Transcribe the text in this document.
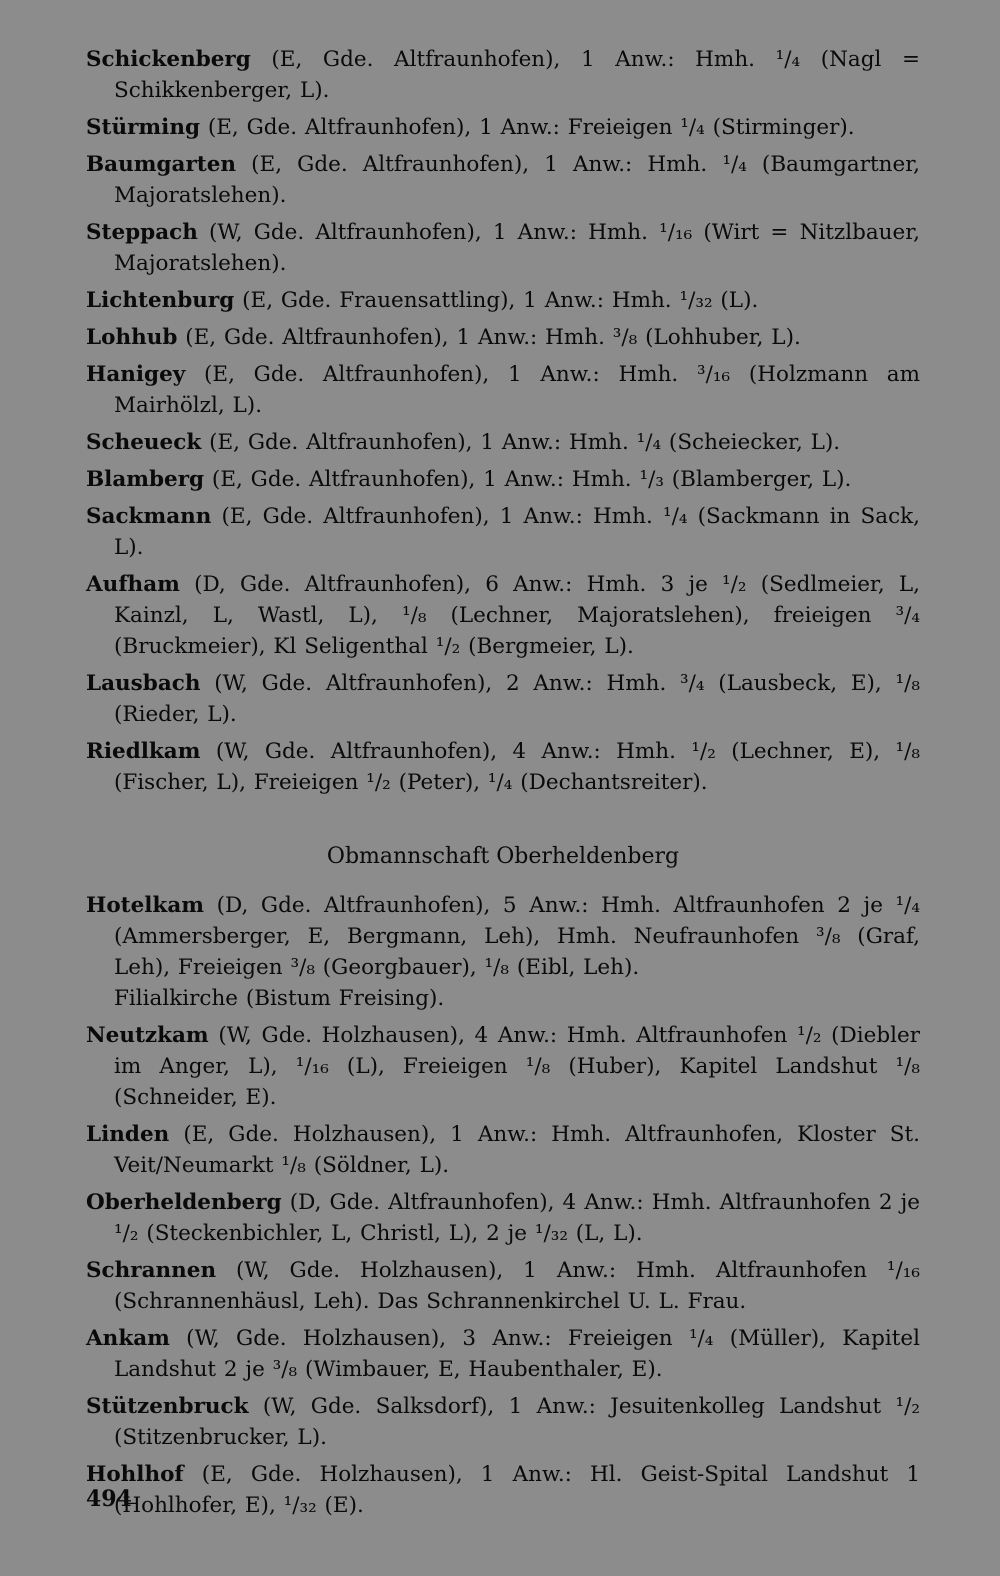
Schickenberg (E, Gde. Altfraunhofen), 1 Anw.: Hmh. ¹/₄ (Nagl = Schikkenberger, L).

Stürming (E, Gde. Altfraunhofen), 1 Anw.: Freieigen ¹/₄ (Stirminger).

Baumgarten (E, Gde. Altfraunhofen), 1 Anw.: Hmh. ¹/₄ (Baumgartner, Majoratslehen).

Steppach (W, Gde. Altfraunhofen), 1 Anw.: Hmh. ¹/₁₆ (Wirt = Nitzlbauer, Majoratslehen).

Lichtenburg (E, Gde. Frauensattling), 1 Anw.: Hmh. ¹/₃₂ (L).

Lohhub (E, Gde. Altfraunhofen), 1 Anw.: Hmh. ³/₈ (Lohhuber, L).

Hanigey (E, Gde. Altfraunhofen), 1 Anw.: Hmh. ³/₁₆ (Holzmann am Mairhölzl, L).

Scheueck (E, Gde. Altfraunhofen), 1 Anw.: Hmh. ¹/₄ (Scheiecker, L).

Blamberg (E, Gde. Altfraunhofen), 1 Anw.: Hmh. ¹/₃ (Blamberger, L).

Sackmann (E, Gde. Altfraunhofen), 1 Anw.: Hmh. ¹/₄ (Sackmann in Sack, L).

Aufham (D, Gde. Altfraunhofen), 6 Anw.: Hmh. 3 je ¹/₂ (Sedlmeier, L, Kainzl, L, Wastl, L), ¹/₈ (Lechner, Majoratslehen), freieigen ³/₄ (Bruckmeier), Kl Seligenthal ¹/₂ (Bergmeier, L).

Lausbach (W, Gde. Altfraunhofen), 2 Anw.: Hmh. ³/₄ (Lausbeck, E), ¹/₈ (Rieder, L).

Riedlkam (W, Gde. Altfraunhofen), 4 Anw.: Hmh. ¹/₂ (Lechner, E), ¹/₈ (Fischer, L), Freieigen ¹/₂ (Peter), ¹/₄ (Dechantsreiter).

Obmannschaft Oberheldenberg

Hotelkam (D, Gde. Altfraunhofen), 5 Anw.: Hmh. Altfraunhofen 2 je ¹/₄ (Ammersberger, E, Bergmann, Leh), Hmh. Neufraunhofen ³/₈ (Graf, Leh), Freieigen ³/₈ (Georgbauer), ¹/₈ (Eibl, Leh).
Filialkirche (Bistum Freising).

Neutzkam (W, Gde. Holzhausen), 4 Anw.: Hmh. Altfraunhofen ¹/₂ (Diebler im Anger, L), ¹/₁₆ (L), Freieigen ¹/₈ (Huber), Kapitel Landshut ¹/₈ (Schneider, E).

Linden (E, Gde. Holzhausen), 1 Anw.: Hmh. Altfraunhofen, Kloster St. Veit/Neumarkt ¹/₈ (Söldner, L).

Oberheldenberg (D, Gde. Altfraunhofen), 4 Anw.: Hmh. Altfraunhofen 2 je ¹/₂ (Steckenbichler, L, Christl, L), 2 je ¹/₃₂ (L, L).

Schrannen (W, Gde. Holzhausen), 1 Anw.: Hmh. Altfraunhofen ¹/₁₆ (Schrannenhäusl, Leh). Das Schrannenkirchel U. L. Frau.

Ankam (W, Gde. Holzhausen), 3 Anw.: Freieigen ¹/₄ (Müller), Kapitel Landshut 2 je ³/₈ (Wimbauer, E, Haubenthaler, E).

Stützenbruck (W, Gde. Salksdorf), 1 Anw.: Jesuitenkolleg Landshut ¹/₂ (Stitzenbrucker, L).

Hohlhof (E, Gde. Holzhausen), 1 Anw.: Hl. Geist-Spital Landshut 1 (Hohlhofer, E), ¹/₃₂ (E).

494
